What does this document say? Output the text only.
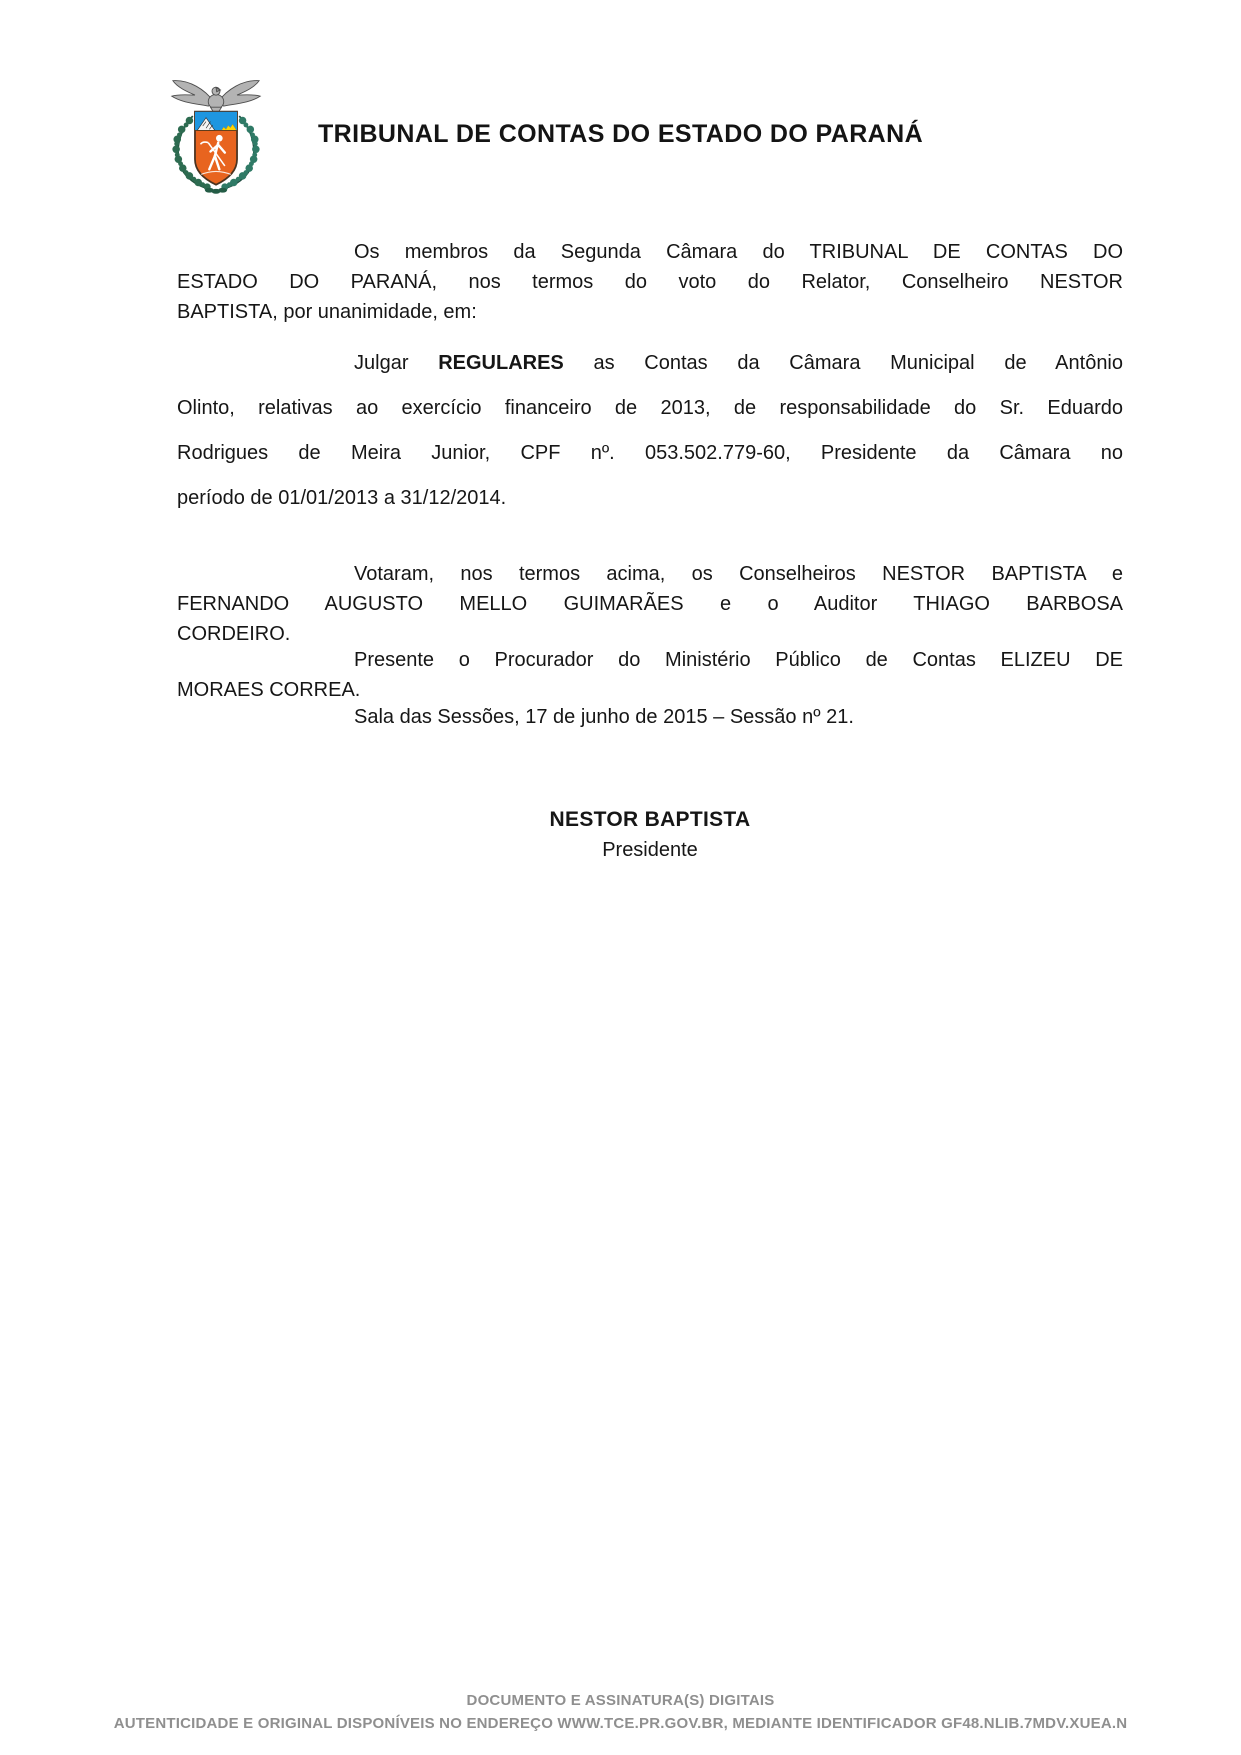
TRIBUNAL DE CONTAS DO ESTADO DO PARANÁ
Os membros da Segunda Câmara do TRIBUNAL DE CONTAS DO
ESTADO DO PARANÁ, nos termos do voto do Relator, Conselheiro NESTOR
BAPTISTA, por unanimidade, em:
Julgar REGULARES as Contas da Câmara Municipal de Antônio
Olinto, relativas ao exercício financeiro de 2013, de responsabilidade do Sr. Eduardo
Rodrigues de Meira Junior, CPF nº. 053.502.779-60, Presidente da Câmara no
período de 01/01/2013 a 31/12/2014.
Votaram, nos termos acima, os Conselheiros NESTOR BAPTISTA e
FERNANDO AUGUSTO MELLO GUIMARÃES e o Auditor THIAGO BARBOSA
CORDEIRO.
Presente o Procurador do Ministério Público de Contas ELIZEU DE
MORAES CORREA.
Sala das Sessões, 17 de junho de 2015 – Sessão nº 21.
NESTOR BAPTISTA
Presidente
DOCUMENTO E ASSINATURA(S) DIGITAIS
AUTENTICIDADE E ORIGINAL DISPONÍVEIS NO ENDEREÇO WWW.TCE.PR.GOV.BR, MEDIANTE IDENTIFICADOR GF48.NLIB.7MDV.XUEA.N
